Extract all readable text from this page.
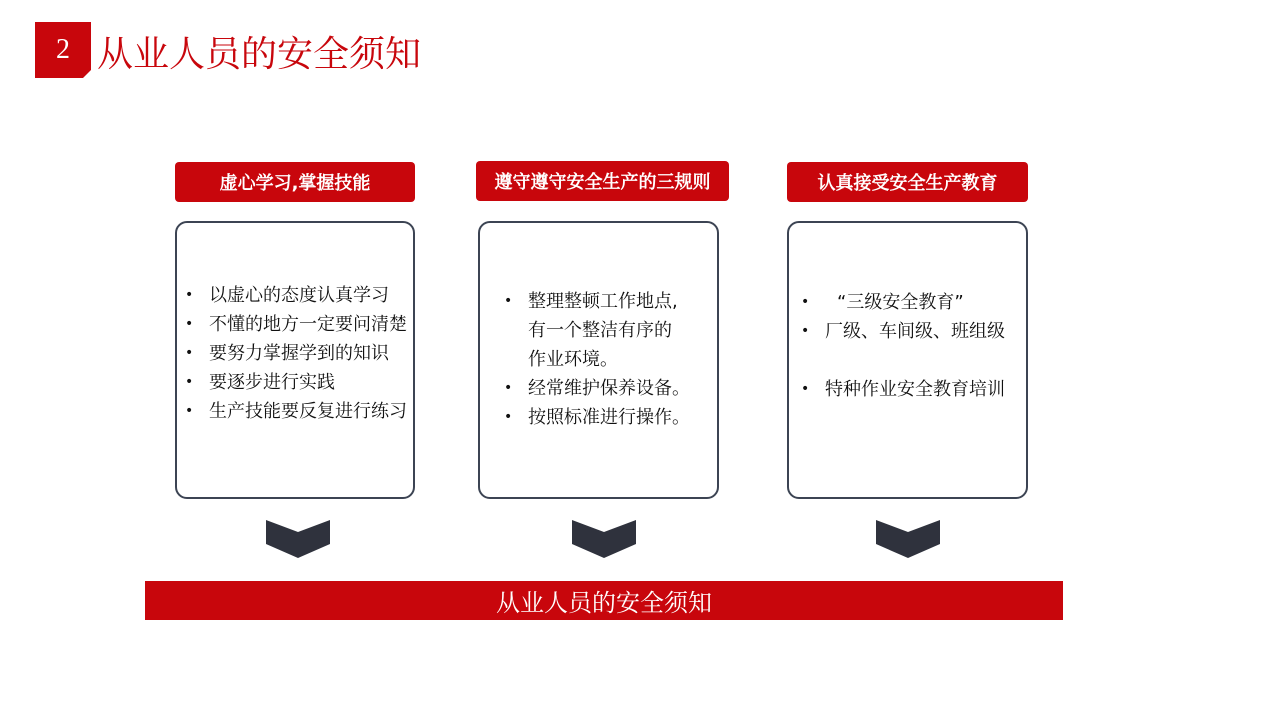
2 从业人员的安全须知
虚心学习,掌握技能
• 以虚心的态度认真学习
• 不懂的地方一定要问清楚
• 要努力掌握学到的知识
• 要逐步进行实践
• 生产技能要反复进行练习
遵守遵守安全生产的三规则
• 整理整顿工作地点,
有一个整洁有序的
作业环境。
• 经常维护保养设备。
• 按照标准进行操作。
认真接受安全生产教育
•	“三级安全教育”
• 厂级、车间级、班组级
• 特种作业安全教育培训
从业人员的安全须知
